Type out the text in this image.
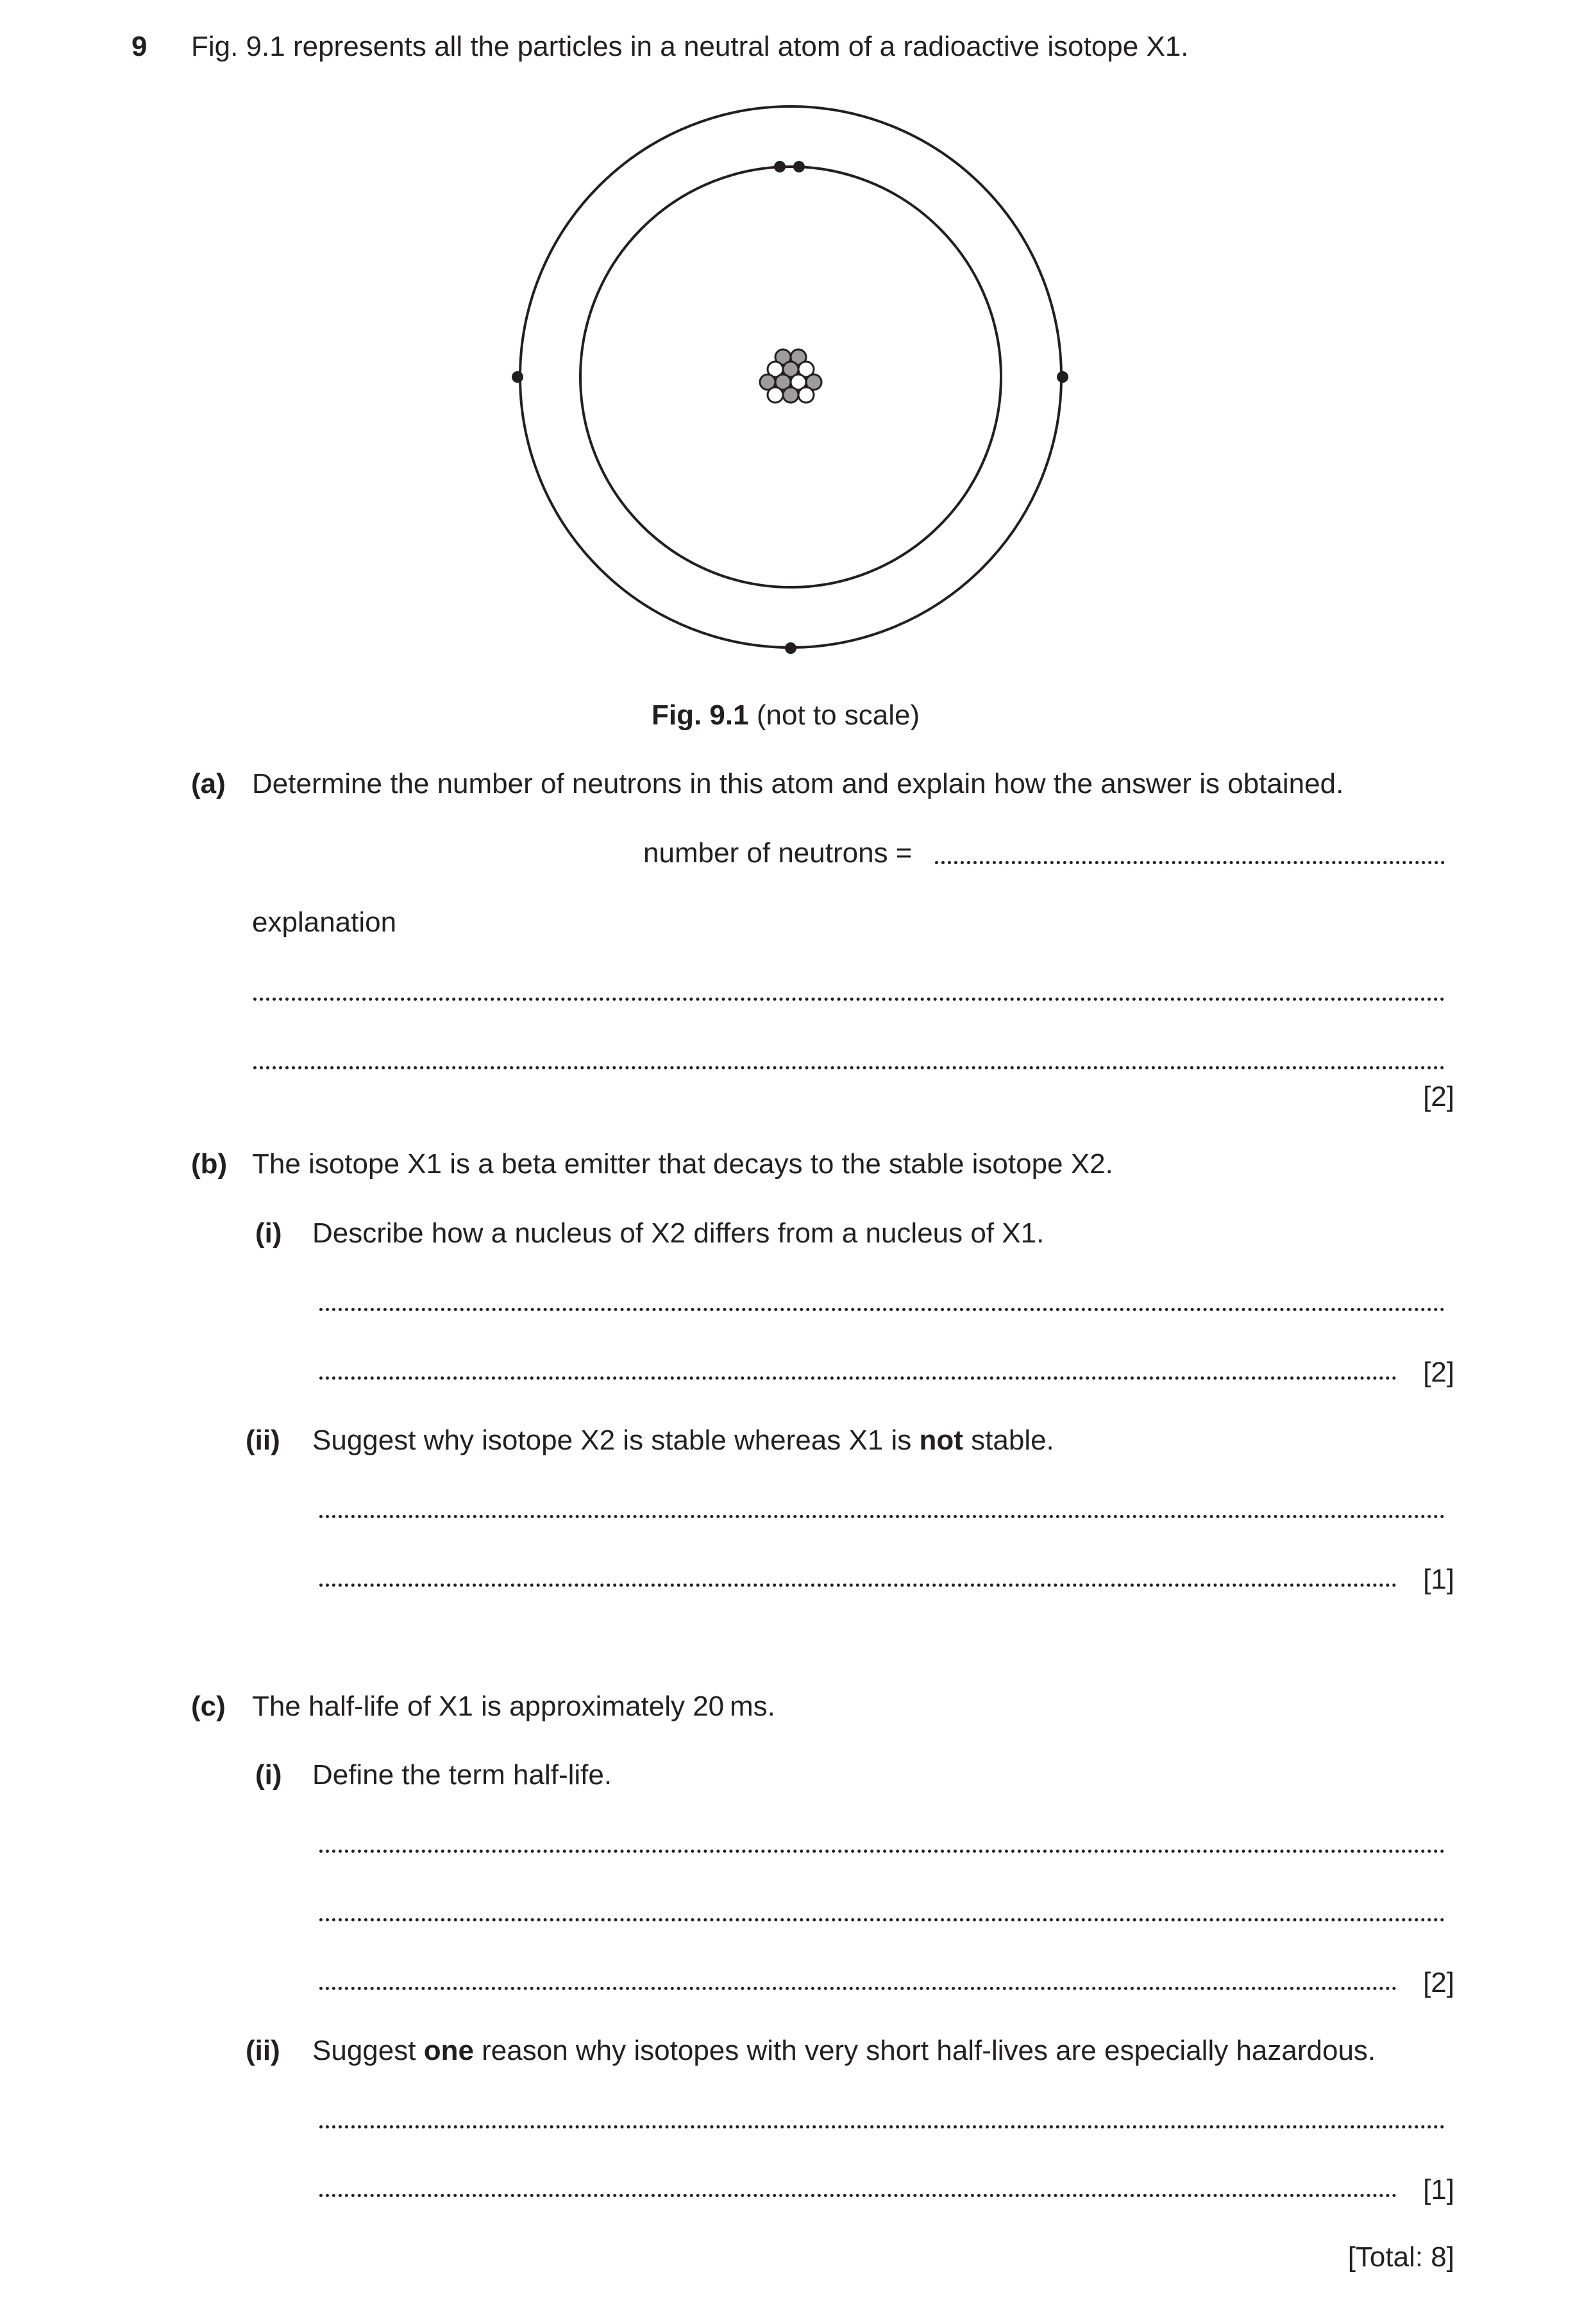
9 Fig. 9.1 represents all the particles in a neutral atom of a radioactive isotope X1.
Fig. 9.1 (not to scale)
(a) Determine the number of neutrons in this atom and explain how the answer is obtained.
number of neutrons =
explanation
[2]
(b) The isotope X1 is a beta emitter that decays to the stable isotope X2.
(i) Describe how a nucleus of X2 differs from a nucleus of X1.
[2]
(ii) Suggest why isotope X2 is stable whereas X1 is not stable.
[1]
(c) The half-life of X1 is approximately 20 ms.
(i) Define the term half-life.
[2]
(ii) Suggest one reason why isotopes with very short half-lives are especially hazardous.
[1]
[Total: 8]
